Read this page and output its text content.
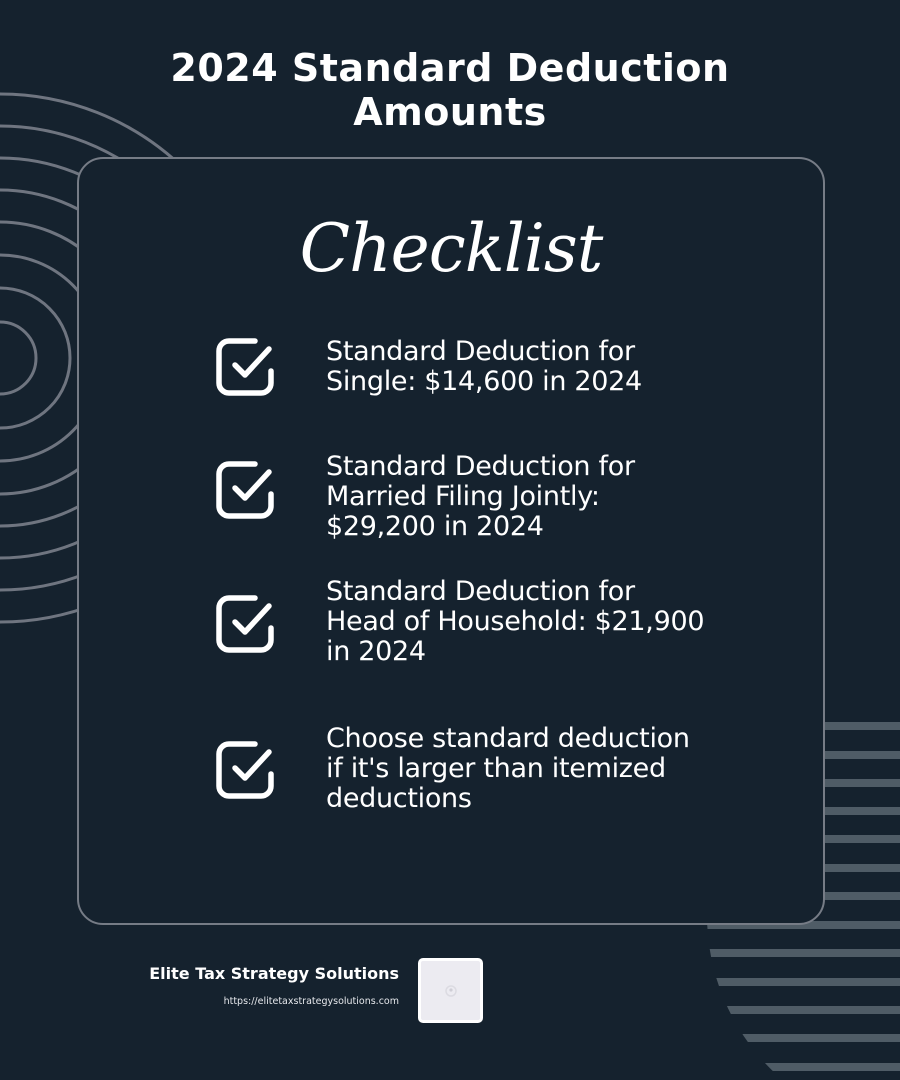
2024 Standard Deduction
Amounts
Checklist
Standard Deduction for
Single: $14,600 in 2024
Standard Deduction for
Married Filing Jointly:
$29,200 in 2024
Standard Deduction for
Head of Household: $21,900
in 2024
Choose standard deduction
if it's larger than itemized
deductions
Elite Tax Strategy Solutions
https://elitetaxstrategysolutions.com
